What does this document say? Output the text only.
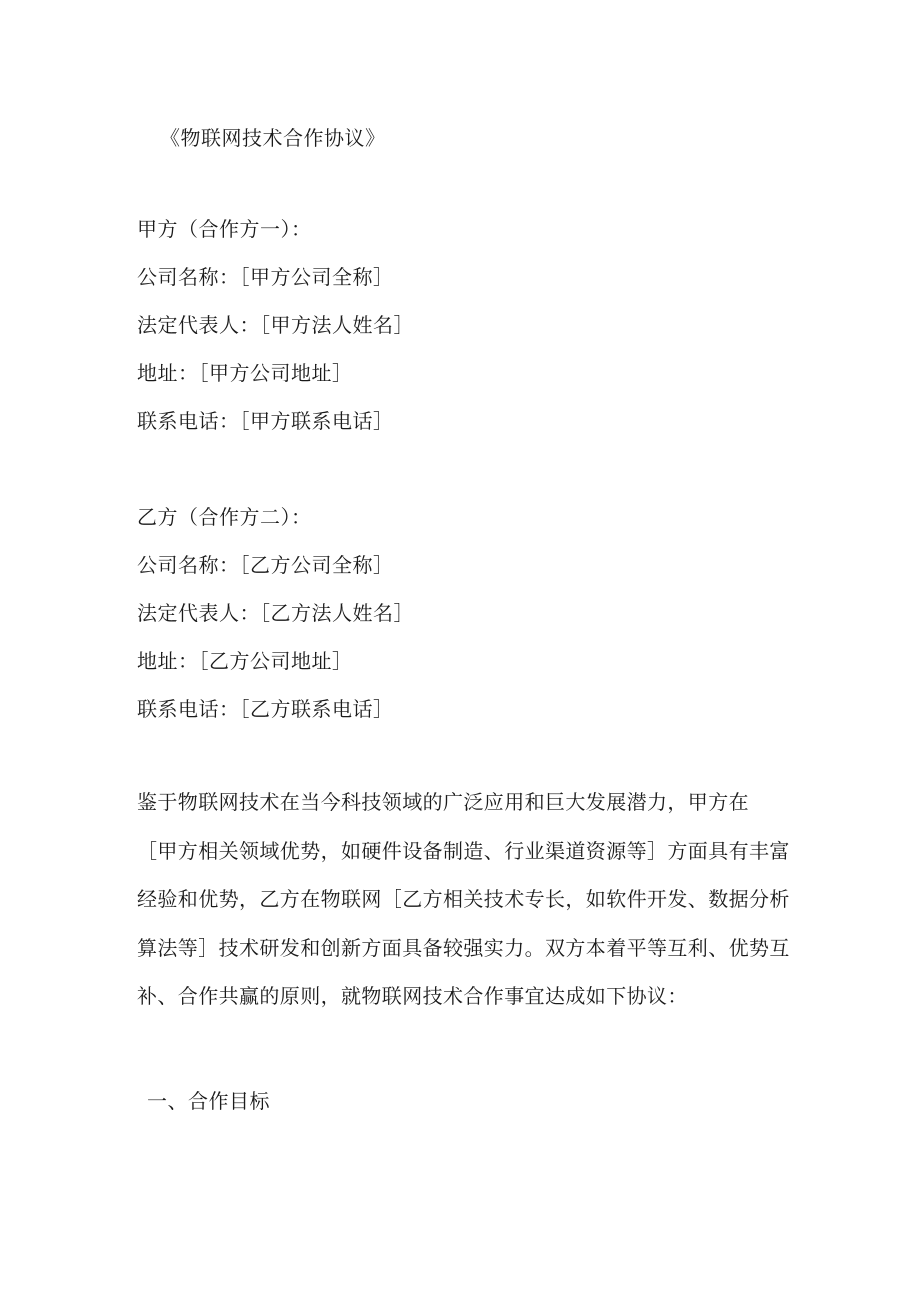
《物联网技术合作协议》
甲方（合作方一）：
公司名称：［甲方公司全称］
法定代表人：［甲方法人姓名］
地址：［甲方公司地址］
联系电话：［甲方联系电话］
乙方（合作方二）：
公司名称：［乙方公司全称］
法定代表人：［乙方法人姓名］
地址：［乙方公司地址］
联系电话：［乙方联系电话］
鉴于物联网技术在当今科技领域的广泛应用和巨大发展潜力，甲方在
［甲方相关领域优势，如硬件设备制造、行业渠道资源等］方面具有丰富
经验和优势，乙方在物联网［乙方相关技术专长，如软件开发、数据分析
算法等］技术研发和创新方面具备较强实力。双方本着平等互利、优势互
补、合作共赢的原则，就物联网技术合作事宜达成如下协议：
一、合作目标
